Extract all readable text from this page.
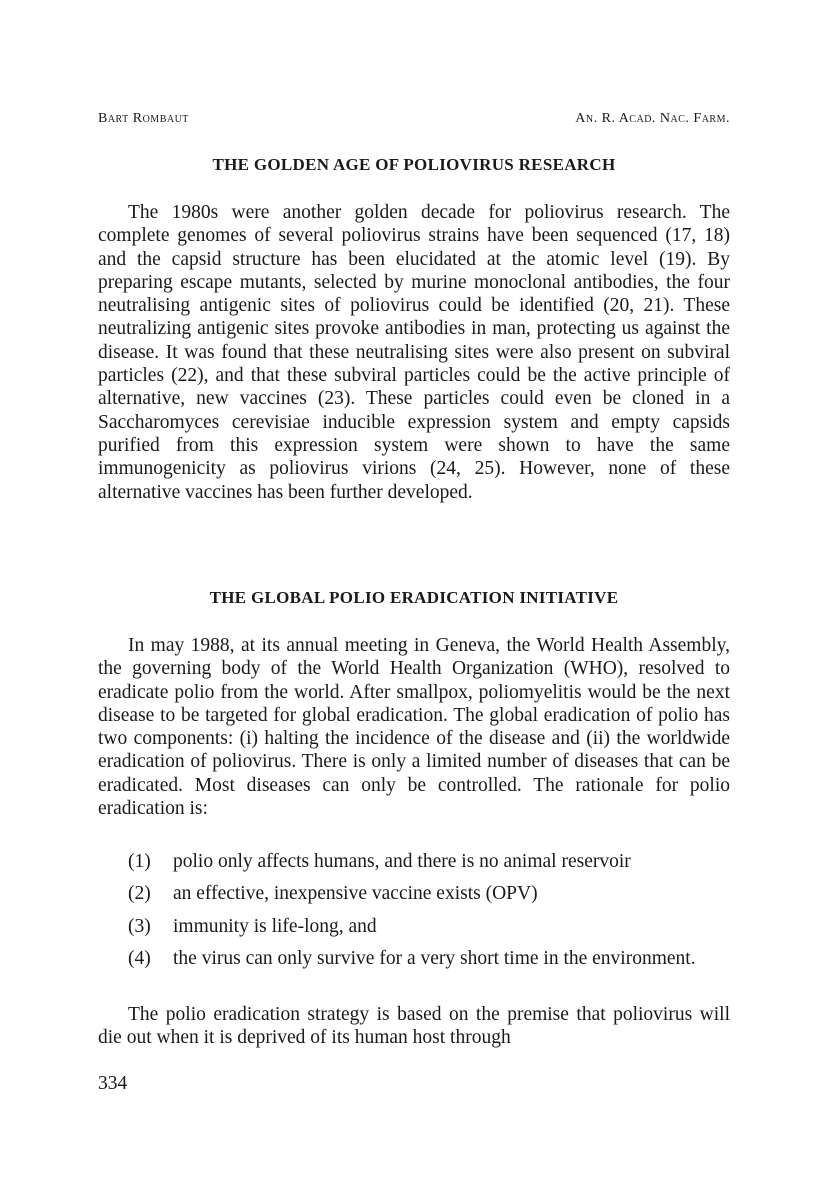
Bart Rombaut	An. R. Acad. Nac. Farm.
THE GOLDEN AGE OF POLIOVIRUS RESEARCH

The 1980s were another golden decade for poliovirus research. The complete genomes of several poliovirus strains have been sequenced (17, 18) and the capsid structure has been elucidated at the atomic level (19). By preparing escape mutants, selected by murine monoclonal antibodies, the four neutralising antigenic sites of poliovirus could be identified (20, 21). These neutralizing antigenic sites provoke antibodies in man, protecting us against the disease. It was found that these neutralising sites were also present on subviral particles (22), and that these subviral particles could be the active principle of alternative, new vaccines (23). These particles could even be cloned in a Saccharomyces cerevisiae inducible expression system and empty capsids purified from this expression system were shown to have the same immunogenicity as poliovirus virions (24, 25). However, none of these alternative vaccines has been further developed.

THE GLOBAL POLIO ERADICATION INITIATIVE

In may 1988, at its annual meeting in Geneva, the World Health Assembly, the governing body of the World Health Organization (WHO), resolved to eradicate polio from the world. After smallpox, poliomyelitis would be the next disease to be targeted for global eradication. The global eradication of polio has two components: (i) halting the incidence of the disease and (ii) the worldwide eradication of poliovirus. There is only a limited number of diseases that can be eradicated. Most diseases can only be controlled. The rationale for polio eradication is:

(1) polio only affects humans, and there is no animal reservoir
(2) an effective, inexpensive vaccine exists (OPV)
(3) immunity is life-long, and
(4) the virus can only survive for a very short time in the environment.

The polio eradication strategy is based on the premise that poliovirus will die out when it is deprived of its human host through

334
